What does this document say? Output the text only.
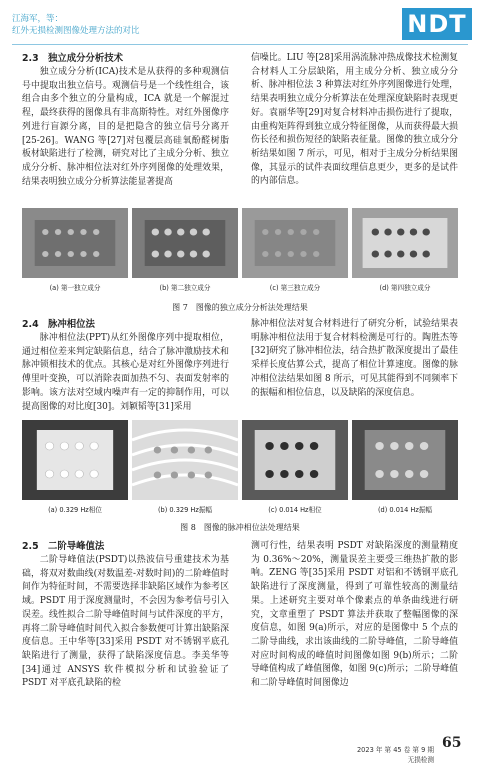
江海军，等：
红外无损检测图像处理方法的对比	NDT

2.3　独立成分分析技术

独立成分分析(ICA)技术是从获得的多种观测信号中提取出独立信号。观测信号是一个线性组合，该组合由多个独立的分量构成，ICA 就是一个解混过程，最终获得的图像具有非高斯特性。对红外图像序列进行盲源分离，目的是把隐含的独立信号分离开[25-26]。WANG 等[27]对包覆层高硅氧酚醛树脂板材缺陷进行了检测，研究对比了主成分分析、独立成分分析、脉冲相位法对红外序列图像的处理效果，结果表明独立成分分析算法能显著提高

信噪比。LIU 等[28]采用涡流脉冲热成像技术检测复合材料人工分层缺陷，用主成分分析、独立成分分析、脉冲相位法 3 种算法对红外序列图像进行处理，结果表明独立成分分析算法在处理深度缺陷时表现更好。袁丽华等[29]对复合材料冲击损伤进行了提取，由重构矩阵得到独立成分特征图像，从而获得最大损伤长径和损伤短径的缺陷表征量。图像的独立成分分析结果如图 7 所示，可见，相对于主成分分析结果图像，其显示的试件表面纹理信息更少，更多的是试件的内部信息。

(a) 第一独立成分	(b) 第二独立成分	(c) 第三独立成分	(d) 第四独立成分
图 7 图像的独立成分分析法处理结果

2.4　脉冲相位法

脉冲相位法(PPT)从红外图像序列中提取相位，通过相位差来判定缺陷信息，结合了脉冲激励技术和脉冲锁相技术的优点。其核心是对红外图像序列进行傅里叶变换，可以消除表面加热不匀、表面发射率的影响。该方法对空域内噪声有一定的抑制作用，可以提高图像的对比度[30]。刘颖韬等[31]采用

脉冲相位法对复合材料进行了研究分析，试验结果表明脉冲相位法用于复合材料检测是可行的。陶胜杰等[32]研究了脉冲相位法，结合热扩散深度提出了最佳采样长度估算公式，提高了相位计算速度。图像的脉冲相位法结果如图 8 所示，可见其能得到不同频率下的振幅和相位信息，以及缺陷的深度信息。

(a) 0.329 Hz相位	(b) 0.329 Hz振幅	(c) 0.014 Hz相位	(d) 0.014 Hz振幅
图 8 图像的脉冲相位法处理结果

2.5　二阶导峰值法

二阶导峰值法(PSDT)以热波信号重建技术为基础，将双对数曲线(对数温差-对数时间)的二阶峰值时间作为特征时间，不需要选择非缺陷区域作为参考区域。PSDT 用于深度测量时，不会因为参考信号引入误差。线性拟合二阶导峰值时间与试件深度的平方，再将二阶导峰值时间代入拟合参数便可计算出缺陷深度信息。王中华等[33]采用 PSDT 对不锈钢平底孔缺陷进行了测量，获得了缺陷深度信息。李美华等[34]通过 ANSYS 软件模拟分析和试验验证了 PSDT 对平底孔缺陷的检

测可行性，结果表明 PSDT 对缺陷深度的测量精度为 0.36%～20%，测量误差主要受三维热扩散的影响。ZENG 等[35]采用 PSDT 对铝和不锈钢平底孔缺陷进行了深度测量，得到了可靠性较高的测量结果。上述研究主要对单个像素点的单条曲线进行研究，文章重塑了 PSDT 算法并获取了整幅图像的深度信息，如图 9(a)所示，对应的是图像中 5 个点的二阶导曲线，求出该曲线的二阶导峰值，二阶导峰值对应时间构成的峰值时间图像如图 9(b)所示；二阶导峰值构成了峰值图像，如图 9(c)所示；二阶导峰值和二阶导峰值时间图像边

65
2023 年 第 45 卷 第 9 期
无损检测
